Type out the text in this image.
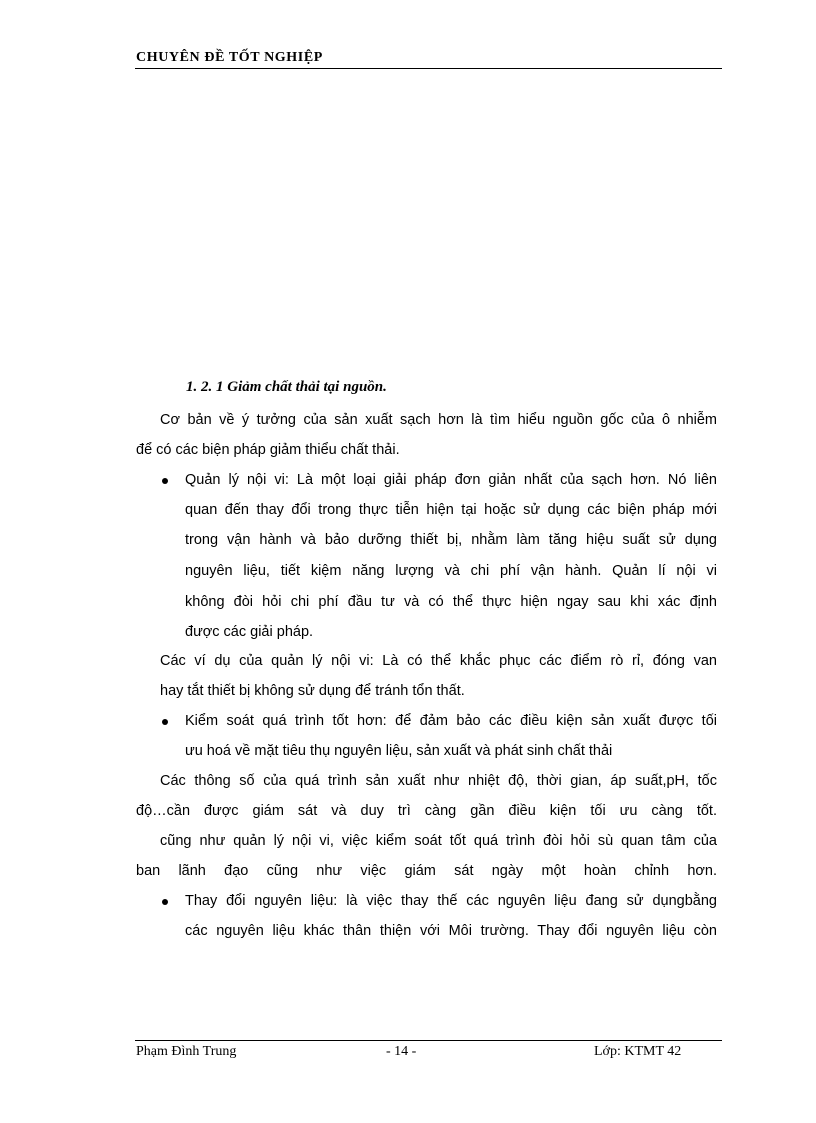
CHUYÊN ĐỀ TỐT NGHIỆP
1. 2. 1 Giảm chất thải tại nguồn.
Cơ bản về ý tưởng của sản xuất sạch hơn là tìm hiểu nguồn gốc của ô nhiễm
để có các biện pháp giảm thiểu chất thải.
Quản lý nội vi: Là một loại giải pháp đơn giản nhất của sạch hơn. Nó liên
quan đến thay đổi trong thực tiễn hiện tại hoặc sử dụng các biện pháp mới
trong vận hành và bảo dưỡng thiết bị, nhằm làm tăng hiệu suất sử dụng
nguyên liệu, tiết kiệm năng lượng và chi phí vận hành. Quản lí nội vi
không đòi hỏi chi phí đầu tư và có thể thực hiện ngay sau khi xác định
được các giải pháp.
Các ví dụ của quản lý nội vi: Là có thể khắc phục các điểm rò rỉ, đóng van
hay tắt thiết bị không sử dụng để tránh tổn thất.
Kiểm soát quá trình tốt hơn: để đảm bảo các điều kiện sản xuất được tối
ưu hoá về mặt tiêu thụ nguyên liệu, sản xuất và phát sinh chất thải
Các thông số của quá trình sản xuất như nhiệt độ, thời gian, áp suất,pH, tốc
độ…cần được giám sát và duy trì càng gần điều kiện tối ưu càng tốt.
cũng như quản lý nội vi, việc kiểm soát tốt quá trình đòi hỏi sù quan tâm của
ban lãnh đạo cũng như việc giám sát ngày một hoàn chỉnh hơn.
Thay đổi nguyên liệu: là việc thay thế các nguyên liệu đang sử dụngbằng
các nguyên liệu khác thân thiện với Môi trường. Thay đổi nguyên liệu còn
Phạm Đình Trung	- 14 -	Lớp: KTMT 42
